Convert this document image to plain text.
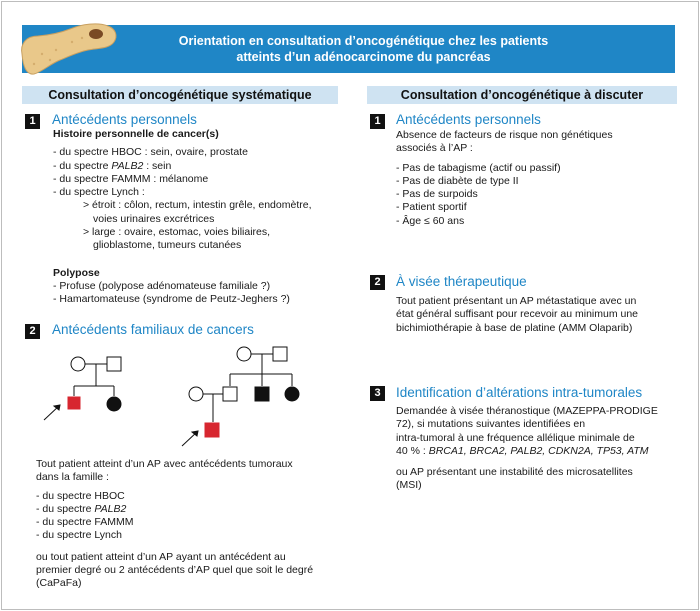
Orientation en consultation d’oncogénétique chez les patients
atteints d’un adénocarcinome du pancréas
Consultation d’oncogénétique systématique
1	Antécédents personnels
Histoire personnelle de cancer(s)
- du spectre HBOC : sein, ovaire, prostate
- du spectre PALB2 : sein
- du spectre FAMMM : mélanome
- du spectre Lynch :
> étroit : côlon, rectum, intestin grêle, endomètre,
voies urinaires excrétrices
> large : ovaire, estomac, voies biliaires,
glioblastome, tumeurs cutanées
Polypose
- Profuse (polypose adénomateuse familiale ?)
- Hamartomateuse (syndrome de Peutz-Jeghers ?)
2	Antécédents familiaux de cancers
Tout patient atteint d’un AP avec antécédents tumoraux
dans la famille :
- du spectre HBOC
- du spectre PALB2
- du spectre FAMMM
- du spectre Lynch
ou tout patient atteint d’un AP ayant un antécédent au
premier degré ou 2 antécédents d’AP quel que soit le degré
(CaPaFa)
Consultation d’oncogénétique à discuter
1	Antécédents personnels
Absence de facteurs de risque non génétiques
associés à l’AP :
- Pas de tabagisme (actif ou passif)
- Pas de diabète de type II
- Pas de surpoids
- Patient sportif
- Âge ≤ 60 ans
2	À visée thérapeutique
Tout patient présentant un AP métastatique avec un
état général suffisant pour recevoir au minimum une
bichimiothérapie à base de platine (AMM Olaparib)
3	Identification d’altérations intra-tumorales
Demandée à visée théranostique (MAZEPPA-PRODIGE
72), si mutations suivantes identifiées en
intra-tumoral à une fréquence allélique minimale de
40 % : BRCA1, BRCA2, PALB2, CDKN2A, TP53, ATM
ou AP présentant une instabilité des microsatellites
(MSI)
